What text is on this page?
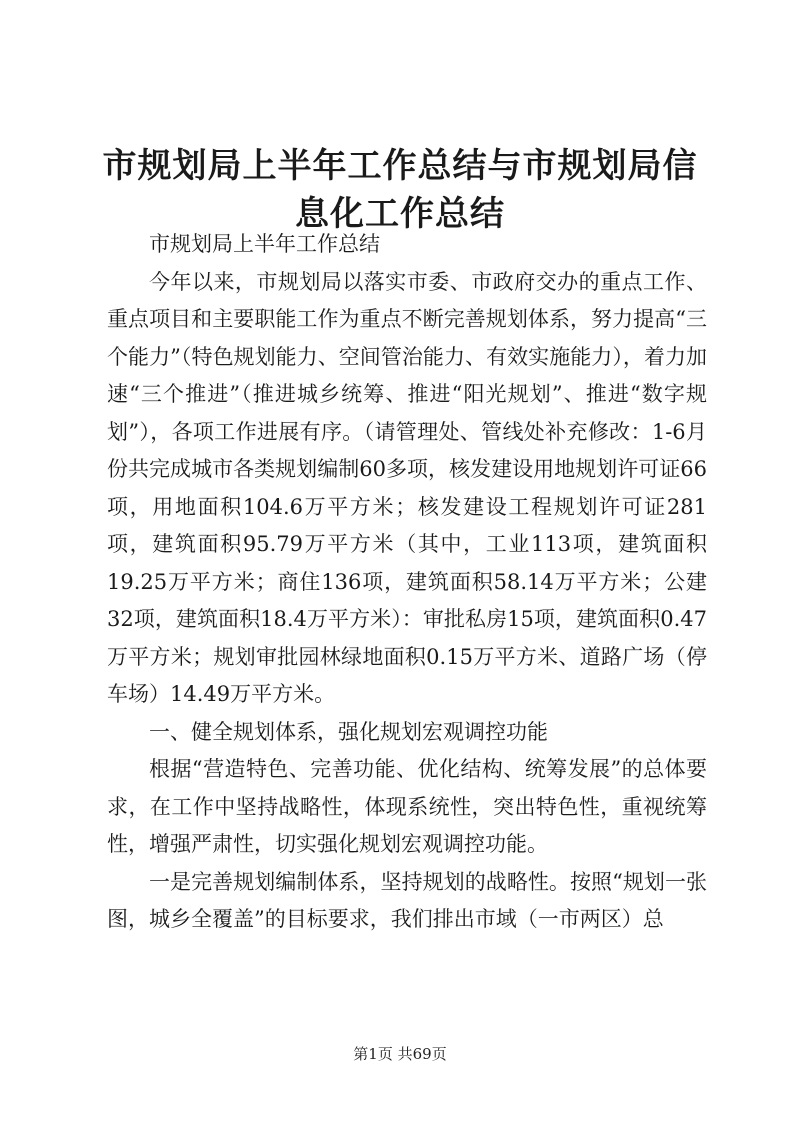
市规划局上半年工作总结与市规划局信息化工作总结

市规划局上半年工作总结

今年以来，市规划局以落实市委、市政府交办的重点工作、重点项目和主要职能工作为重点不断完善规划体系，努力提高“三个能力”（特色规划能力、空间管治能力、有效实施能力），着力加速“三个推进”（推进城乡统筹、推进“阳光规划”、推进“数字规划”），各项工作进展有序。（请管理处、管线处补充修改：1-6月份共完成城市各类规划编制60多项，核发建设用地规划许可证66项，用地面积104.6万平方米；核发建设工程规划许可证281项，建筑面积95.79万平方米（其中，工业113项，建筑面积19.25万平方米；商住136项，建筑面积58.14万平方米；公建32项，建筑面积18.4万平方米）：审批私房15项，建筑面积0.47万平方米；规划审批园林绿地面积0.15万平方米、道路广场（停车场）14.49万平方米。

一、健全规划体系，强化规划宏观调控功能

根据“营造特色、完善功能、优化结构、统筹发展”的总体要求，在工作中坚持战略性，体现系统性，突出特色性，重视统筹性，增强严肃性，切实强化规划宏观调控功能。

一是完善规划编制体系，坚持规划的战略性。按照“规划一张图，城乡全覆盖”的目标要求，我们排出市域（一市两区）总

第1页 共69页
